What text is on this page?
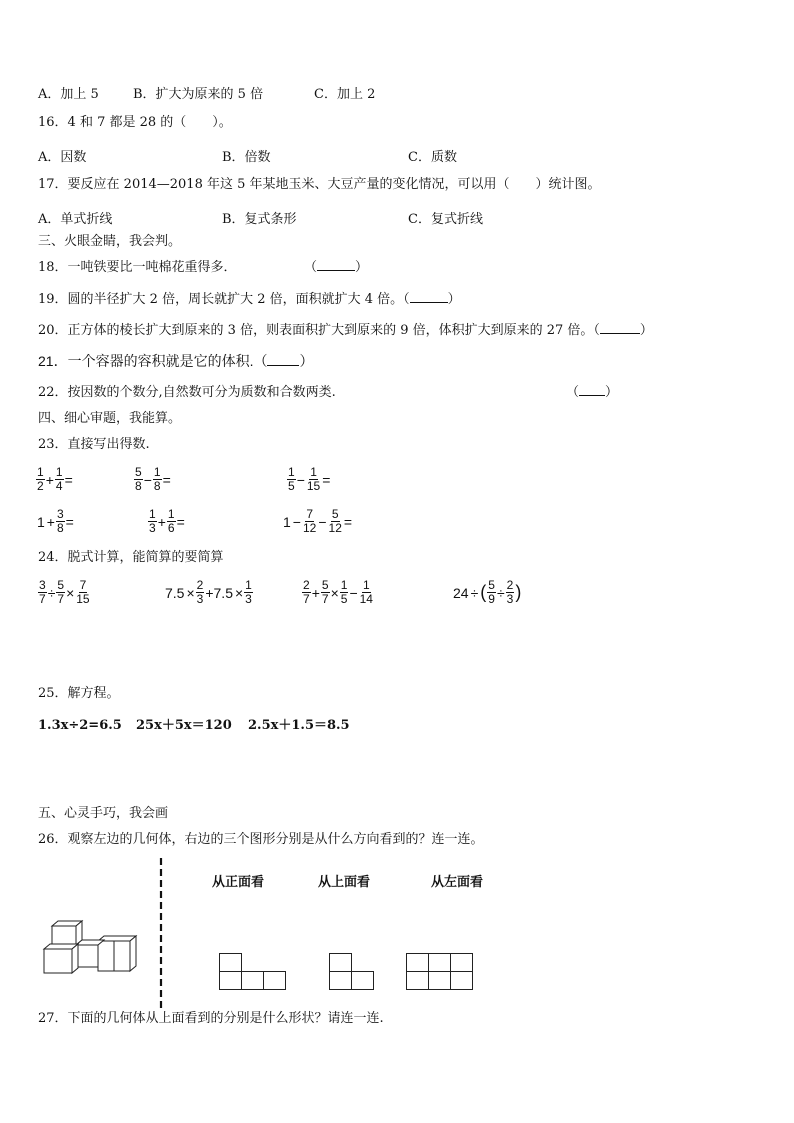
A．加上 5	B．扩大为原来的 5 倍	C．加上 2
16．4 和 7 都是 28 的（　　）。
A．因数	B．倍数	C．质数
17．要反应在 2014—2018 年这 5 年某地玉米、大豆产量的变化情况，可以用（　　）统计图。
A．单式折线	B．复式条形	C．复式折线
三、火眼金睛，我会判。
18．一吨铁要比一吨棉花重得多．	（	）
19．圆的半径扩大 2 倍，周长就扩大 2 倍，面积就扩大 4 倍。（	）
20．正方体的棱长扩大到原来的 3 倍，则表面积扩大到原来的 9 倍，体积扩大到原来的 27 倍。（	）
21．一个容器的容积就是它的体积.（ ）
22．按因数的个数分,自然数可分为质数和合数两类.	（ ）
四、细心审题，我能算。
23．直接写出得数.
$\frac{1}{2} + \frac{1}{4}$ =	$\frac{5}{8} - \frac{1}{8}$ =	$\frac{1}{5} - \frac{1}{15}$ =
$1 + \frac{3}{8}$ =	$\frac{1}{3} + \frac{1}{6}$ =	$1 - \frac{7}{12} - \frac{5}{12}$ =
24．脱式计算，能简算的要简算
$\frac{3}{7} \div \frac{5}{7} \times \frac{7}{15}$	$7.5 \times \frac{2}{3} +7.5 \times \frac{1}{3}$	$\frac{2}{7} + \frac{5}{7} \times \frac{1}{5} - \frac{1}{14}$	24 ÷ ( $\frac{5}{9} \div \frac{2}{3}$ )
25．解方程。
1.3x÷2=6.5 25x＋5x＝120 2.5x＋1.5＝8.5
五、心灵手巧，我会画
26．观察左边的几何体，右边的三个图形分别是从什么方向看到的？连一连。
从正面看	从上面看	从左面看
27．下面的几何体从上面看到的分别是什么形状？请连一连.
